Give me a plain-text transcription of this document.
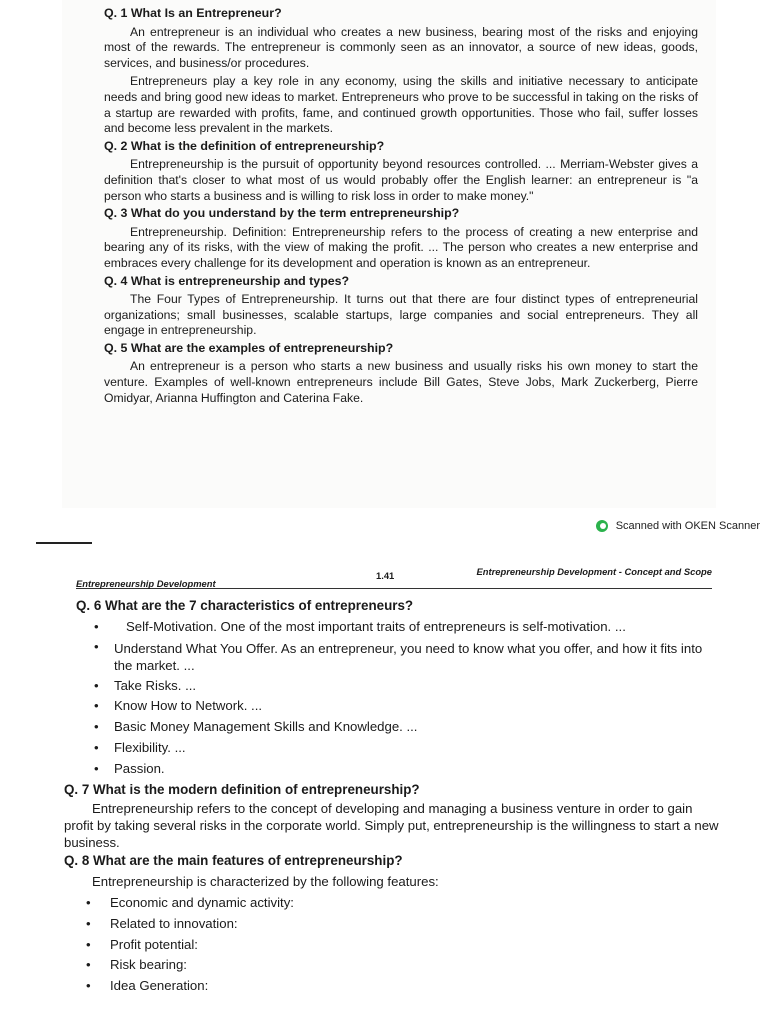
Q. 1 What Is an Entrepreneur?

An entrepreneur is an individual who creates a new business, bearing most of the risks and enjoying most of the rewards. The entrepreneur is commonly seen as an innovator, a source of new ideas, goods, services, and business/or procedures.

Entrepreneurs play a key role in any economy, using the skills and initiative necessary to anticipate needs and bring good new ideas to market. Entrepreneurs who prove to be successful in taking on the risks of a startup are rewarded with profits, fame, and continued growth opportunities. Those who fail, suffer losses and become less prevalent in the markets.

Q. 2 What is the definition of entrepreneurship?

Entrepreneurship is the pursuit of opportunity beyond resources controlled. ... Merriam-Webster gives a definition that's closer to what most of us would probably offer the English learner: an entrepreneur is "a person who starts a business and is willing to risk loss in order to make money."

Q. 3 What do you understand by the term entrepreneurship?

Entrepreneurship. Definition: Entrepreneurship refers to the process of creating a new enterprise and bearing any of its risks, with the view of making the profit. ... The person who creates a new enterprise and embraces every challenge for its development and operation is known as an entrepreneur.

Q. 4 What is entrepreneurship and types?

The Four Types of Entrepreneurship. It turns out that there are four distinct types of entrepreneurial organizations; small businesses, scalable startups, large companies and social entrepreneurs. They all engage in entrepreneurship.

Q. 5 What are the examples of entrepreneurship?

An entrepreneur is a person who starts a new business and usually risks his own money to start the venture. Examples of well-known entrepreneurs include Bill Gates, Steve Jobs, Mark Zuckerberg, Pierre Omidyar, Arianna Huffington and Caterina Fake.

Scanned with OKEN Scanner
Entrepreneurship Development
1.41	Entrepreneurship Development - Concept and Scope

Q. 6 What are the 7 characteristics of entrepreneurs?

• Self-Motivation. One of the most important traits of entrepreneurs is self-motivation. ...
• Understand What You Offer. As an entrepreneur, you need to know what you offer, and how it fits into the market. ...
• Take Risks. ...
• Know How to Network. ...
• Basic Money Management Skills and Knowledge. ...
• Flexibility. ...
• Passion.

Q. 7 What is the modern definition of entrepreneurship?

Entrepreneurship refers to the concept of developing and managing a business venture in order to gain profit by taking several risks in the corporate world. Simply put, entrepreneurship is the willingness to start a new business.

Q. 8 What are the main features of entrepreneurship?

Entrepreneurship is characterized by the following features:

• Economic and dynamic activity:
• Related to innovation:
• Profit potential:
• Risk bearing:
• Idea Generation:
